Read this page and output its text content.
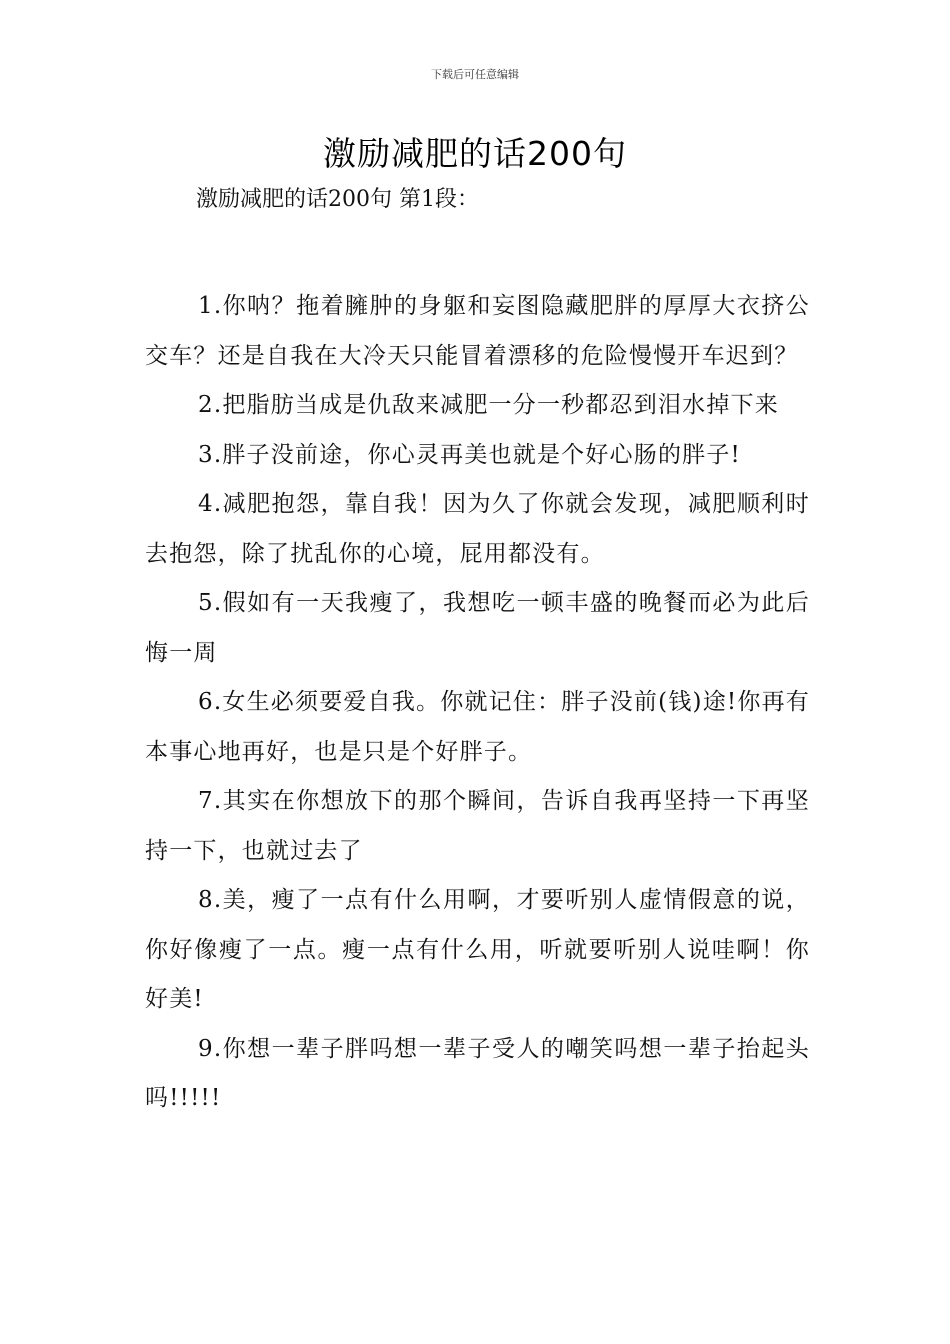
下载后可任意编辑
激励减肥的话200句
激励减肥的话200句 第1段：

1.你呐？拖着臃肿的身躯和妄图隐藏肥胖的厚厚大衣挤公交车？还是自我在大冷天只能冒着漂移的危险慢慢开车迟到？

2.把脂肪当成是仇敌来减肥一分一秒都忍到泪水掉下来

3.胖子没前途，你心灵再美也就是个好心肠的胖子!

4.减肥抱怨，靠自我！因为久了你就会发现，减肥顺利时去抱怨，除了扰乱你的心境，屁用都没有。

5.假如有一天我瘦了，我想吃一顿丰盛的晚餐而必为此后悔一周

6.女生必须要爱自我。你就记住：胖子没前(钱)途!你再有本事心地再好，也是只是个好胖子。

7.其实在你想放下的那个瞬间，告诉自我再坚持一下再坚持一下，也就过去了

8.美，瘦了一点有什么用啊，才要听别人虚情假意的说，你好像瘦了一点。瘦一点有什么用，听就要听别人说哇啊！你好美!

9.你想一辈子胖吗想一辈子受人的嘲笑吗想一辈子抬起头吗!!!!!
